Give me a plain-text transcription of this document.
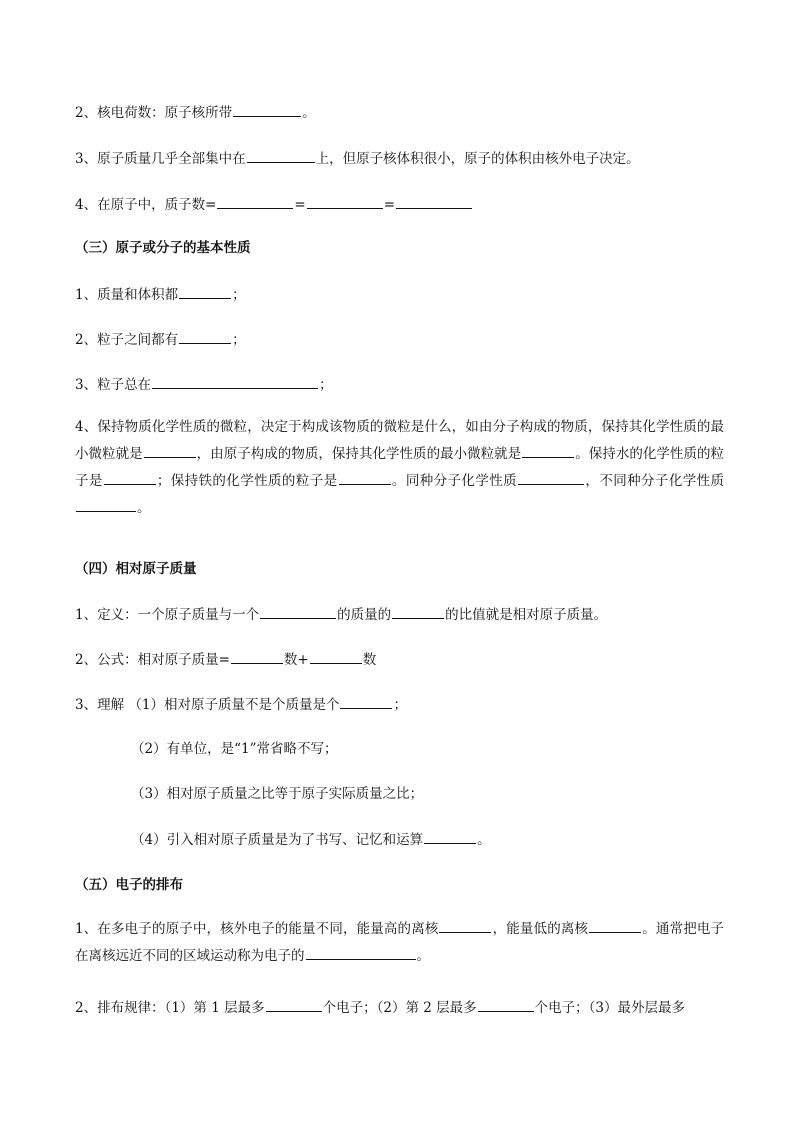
2、核电荷数：原子核所带	。
3、原子质量几乎全部集中在	上，但原子核体积很小，原子的体积由核外电子决定。
4、在原子中，质子数=	=	=
（三）原子或分子的基本性质
1、质量和体积都	；
2、粒子之间都有	；
3、粒子总在	；
4、保持物质化学性质的微粒，决定于构成该物质的微粒是什么，如由分子构成的物质，保持其化学性质的最小微粒就是	，由原子构成的物质，保持其化学性质的最小微粒就是	。保持水的化学性质的粒子是	；保持铁的化学性质的粒子是	。同种分子化学性质	，不同种分子化学性质。
（四）相对原子质量
1、定义：一个原子质量与一个	的质量的	的比值就是相对原子质量。
2、公式：相对原子质量=	数+	数
3、理解 （1）相对原子质量不是个质量是个	；
（2）有单位，是“1”常省略不写；
（3）相对原子质量之比等于原子实际质量之比；
（4）引入相对原子质量是为了书写、记忆和运算	。
（五）电子的排布
1、在多电子的原子中，核外电子的能量不同，能量高的离核	，能量低的离核	。通常把电子在离核远近不同的区域运动称为电子的	。
2、排布规律：（1）第 1 层最多	个电子；（2）第 2 层最多	个电子；（3）最外层最多
